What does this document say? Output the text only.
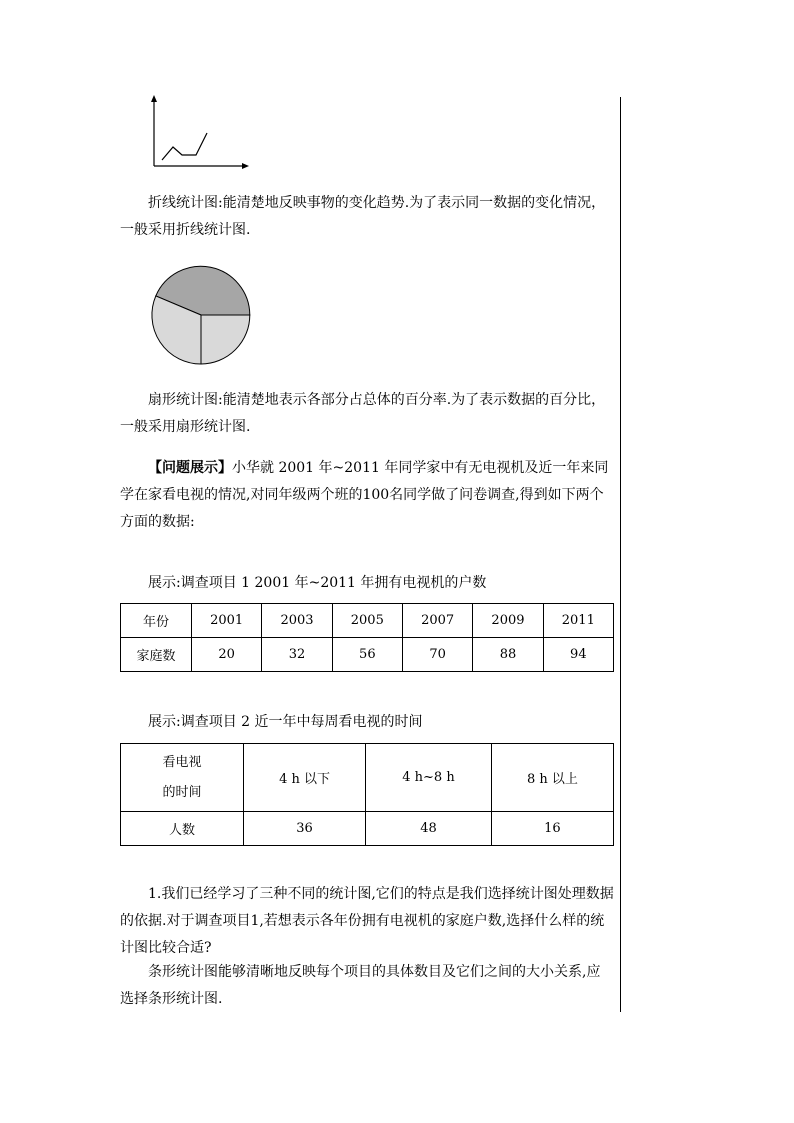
折线统计图:能清楚地反映事物的变化趋势.为了表示同一数据的变化情况，一般采用折线统计图.

扇形统计图:能清楚地表示各部分占总体的百分率.为了表示数据的百分比，一般采用扇形统计图.

【问题展示】小华就 2001 年~2011 年同学家中有无电视机及近一年来同学在家看电视的情况,对同年级两个班的100名同学做了问卷调查,得到如下两个方面的数据:

展示:调查项目 1 2001 年~2011 年拥有电视机的户数
年份	2001	2003	2005	2007	2009	2011
家庭数	20	32	56	70	88	94
展示:调查项目 2 近一年中每周看电视的时间
看电视
的时间	4 h 以下	4 h~8 h	8 h 以上
人数	36	48	16

1.我们已经学习了三种不同的统计图,它们的特点是我们选择统计图处理数据的依据.对于调查项目1,若想表示各年份拥有电视机的家庭户数,选择什么样的统计图比较合适?

条形统计图能够清晰地反映每个项目的具体数目及它们之间的大小关系,应选择条形统计图.
